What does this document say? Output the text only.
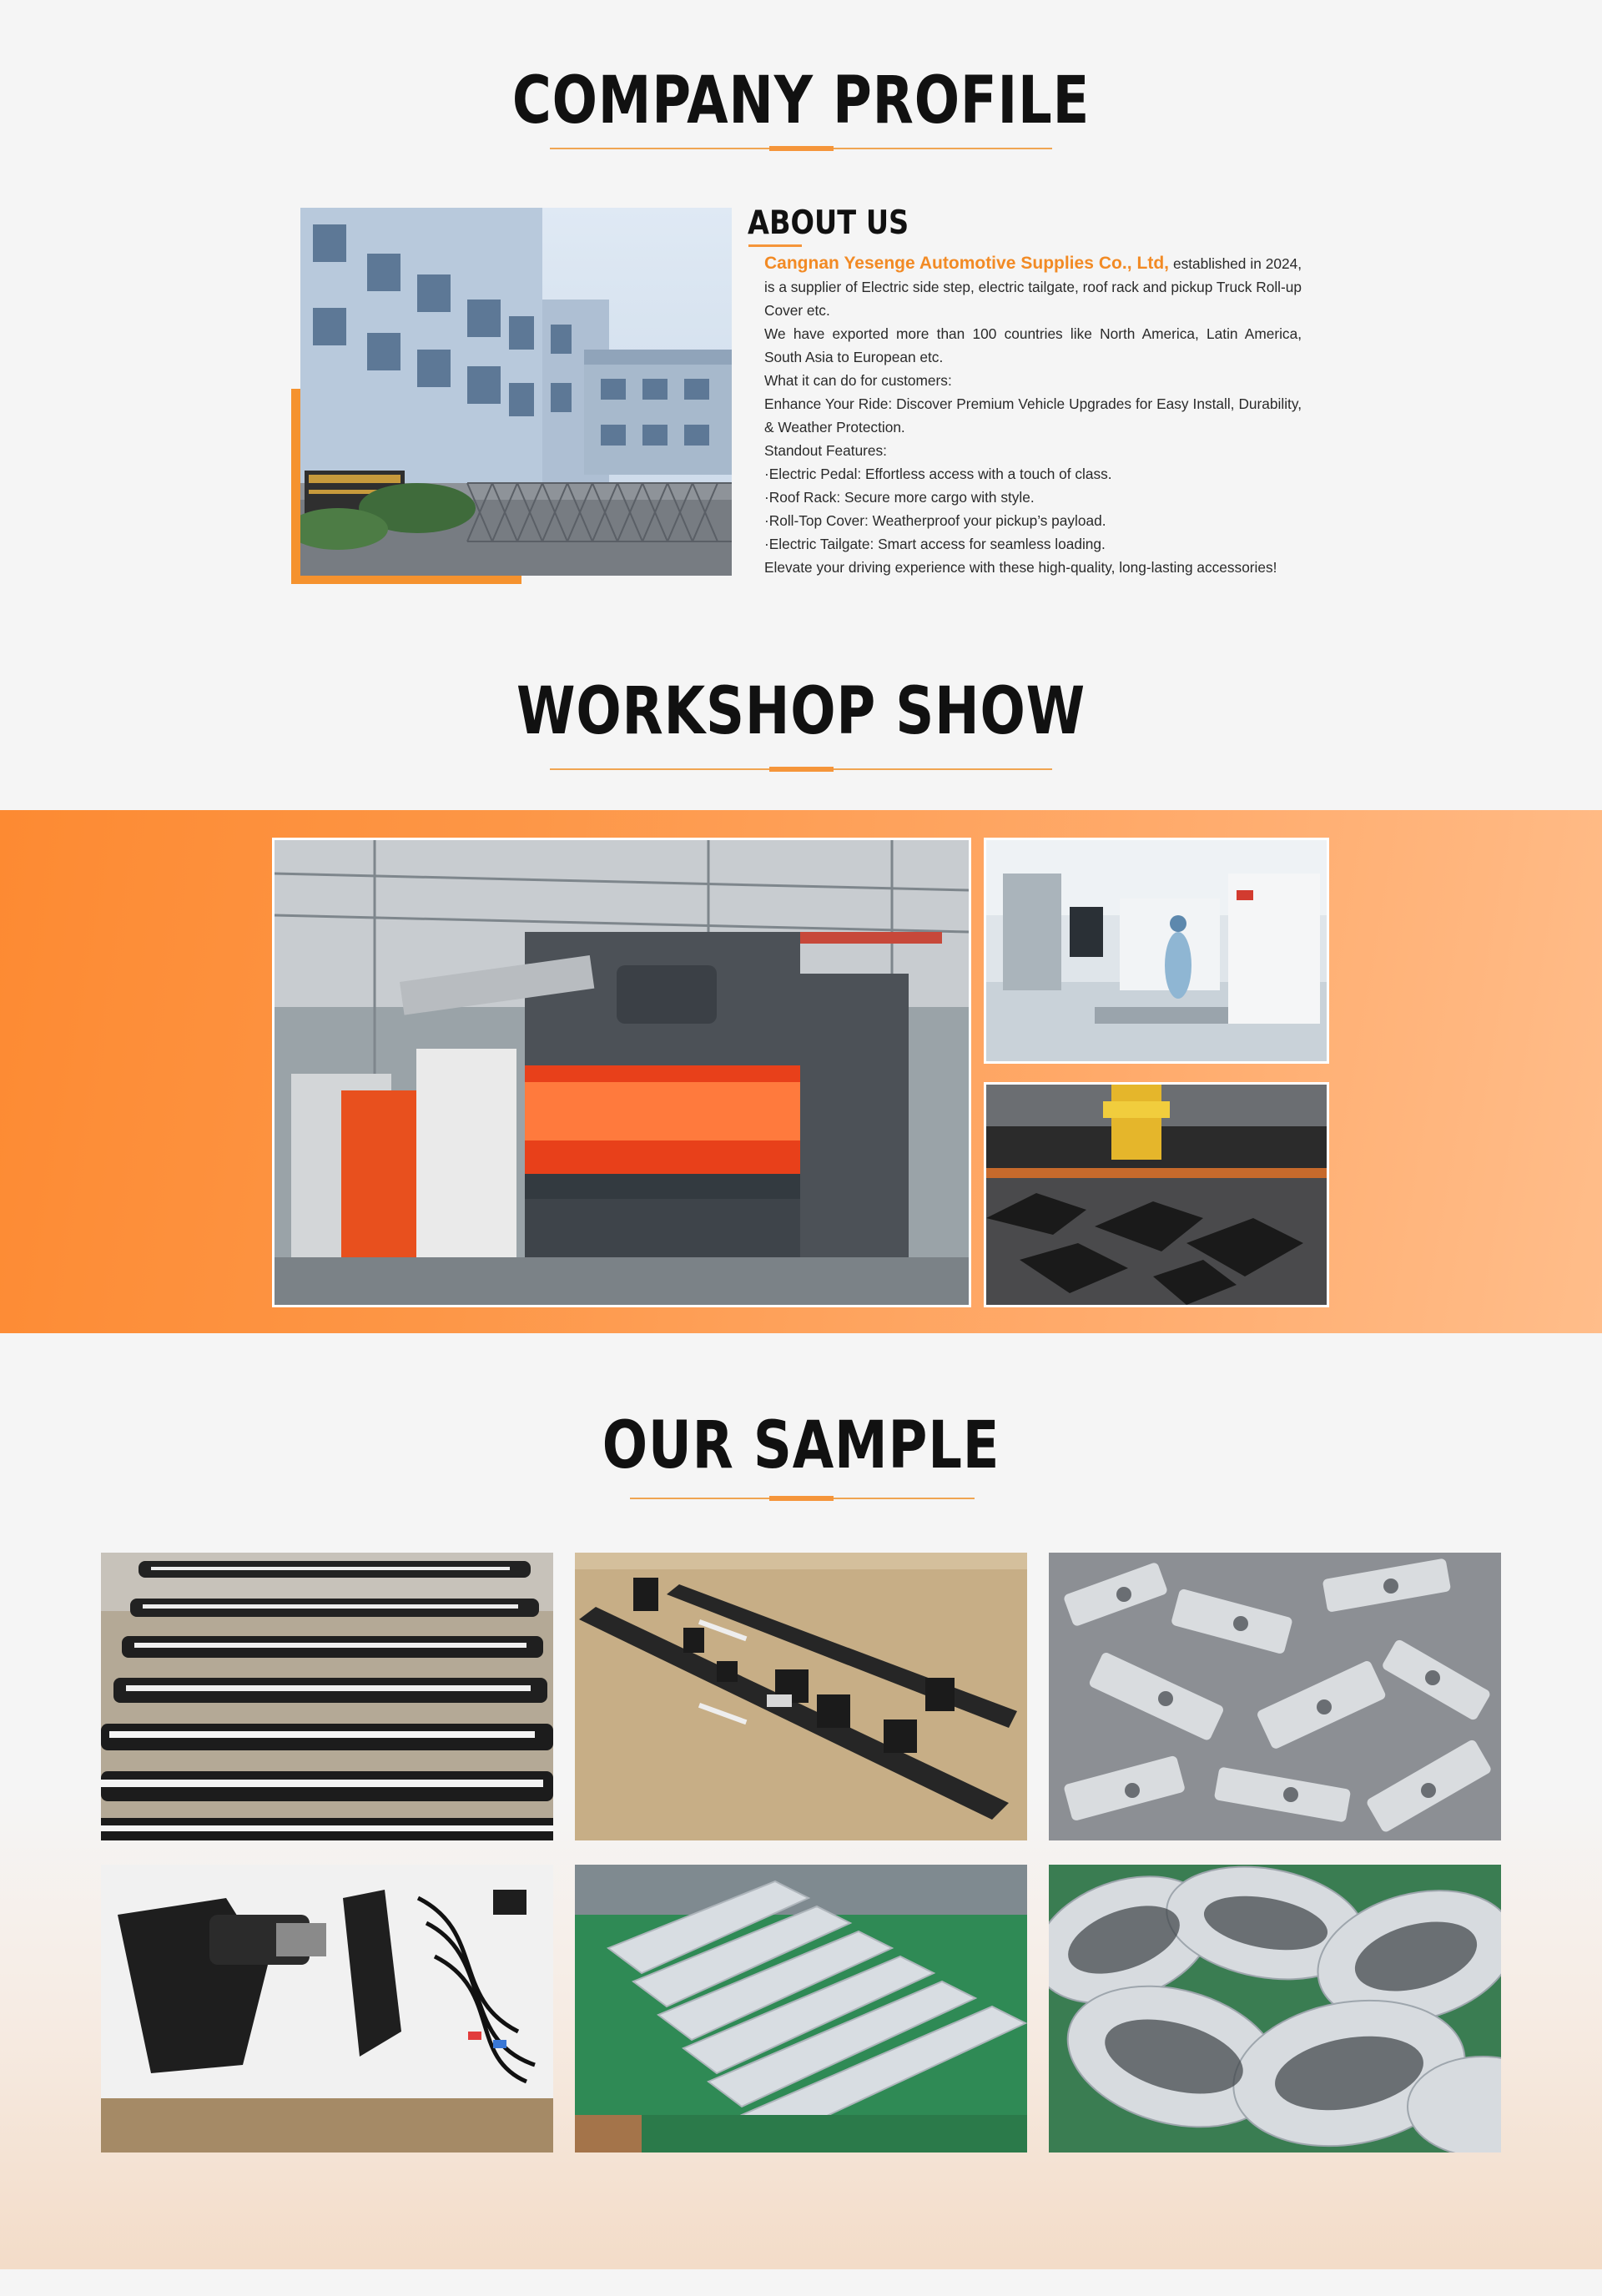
COMPANY PROFILE
ABOUT US

Cangnan Yesenge Automotive Supplies Co., Ltd, established in 2024, is a supplier of Electric side step, electric tailgate, roof rack and pickup Truck Roll-up Cover etc.

We have exported more than 100 countries like North America, Latin America, South Asia to European etc.

What it can do for customers:

Enhance Your Ride: Discover Premium Vehicle Upgrades for Easy Install, Durability, & Weather Protection.

Standout Features:

·Electric Pedal: Effortless access with a touch of class.

·Roof Rack: Secure more cargo with style.

·Roll-Top Cover: Weatherproof your pickup’s payload.

·Electric Tailgate: Smart access for seamless loading.

Elevate your driving experience with these high-quality, long-lasting accessories!

WORKSHOP SHOW
OUR SAMPLE
